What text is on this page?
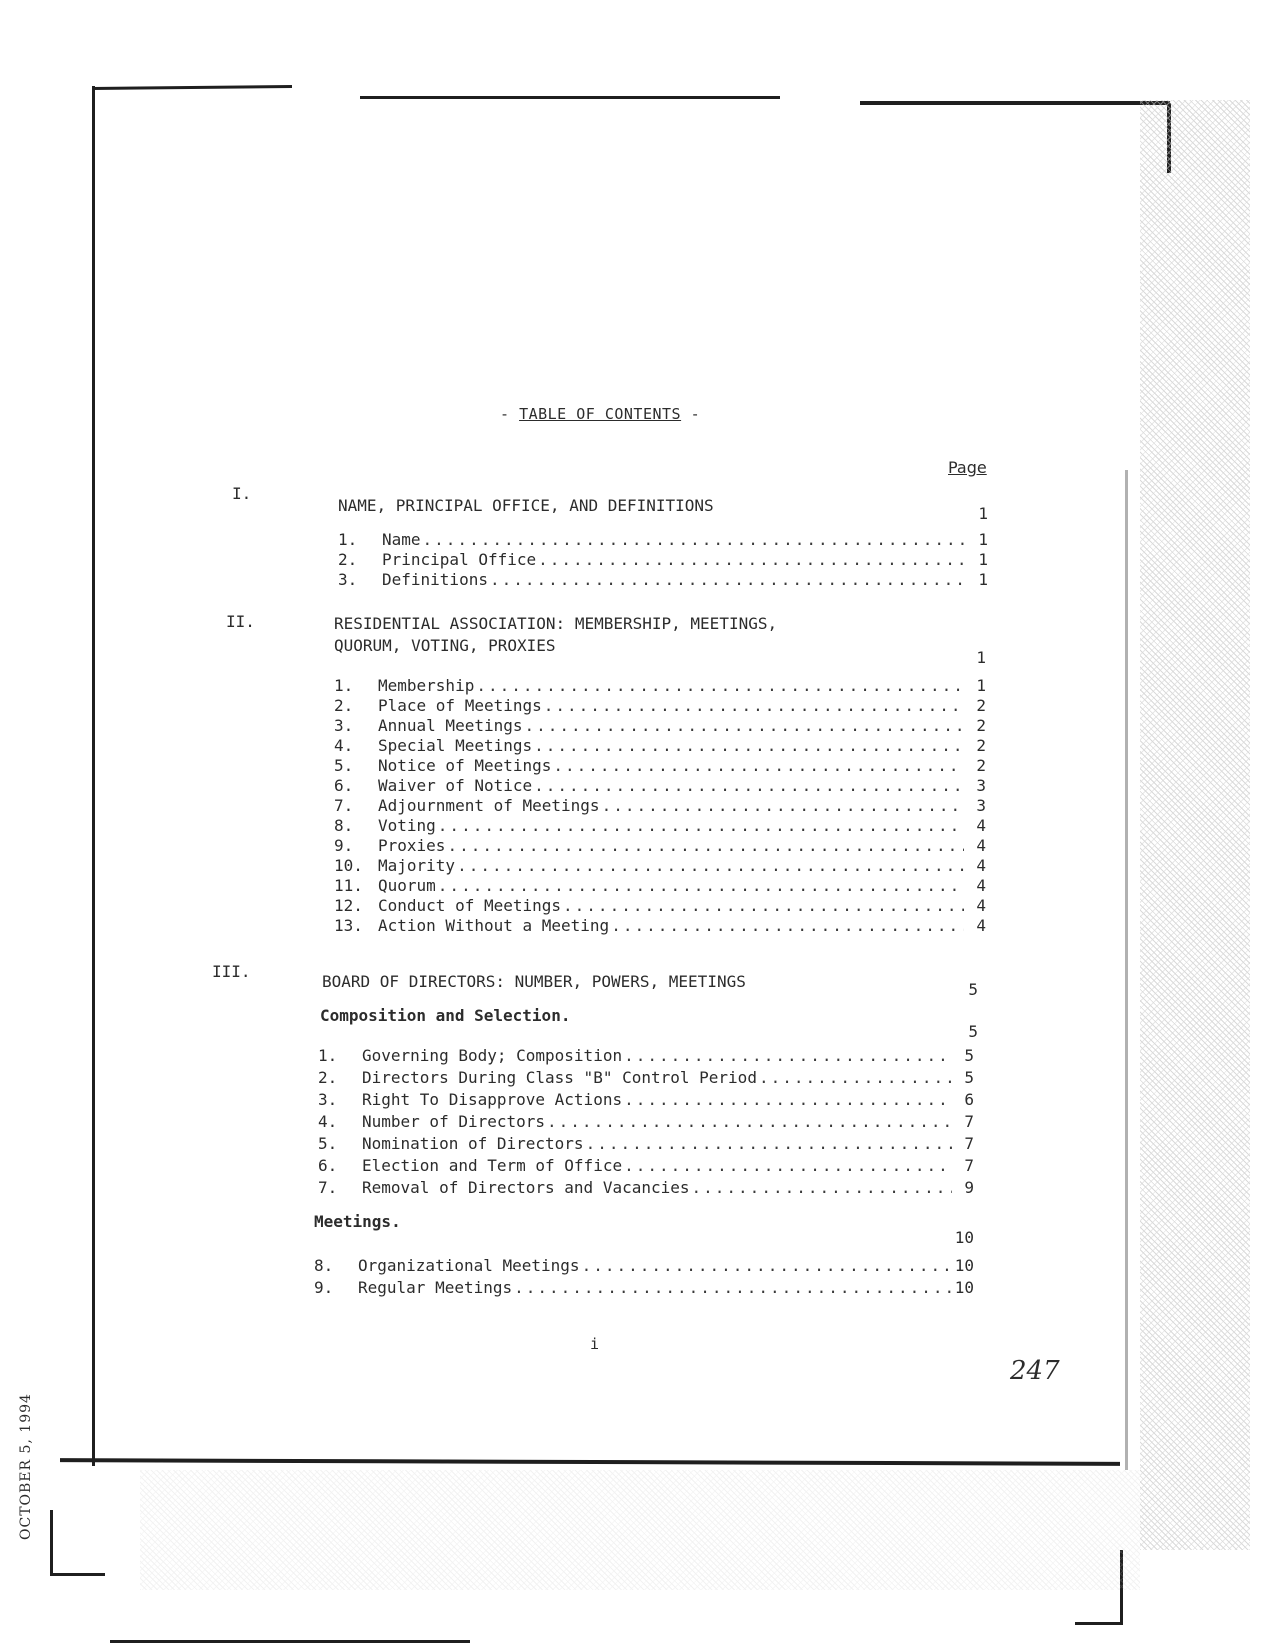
- TABLE OF CONTENTS -
Page
I.
NAME, PRINCIPAL OFFICE, AND DEFINITIONS	1
1.	Name .....	1
2.	Principal Office .....	1
3.	Definitions .....	1
II.	RESIDENTIAL ASSOCIATION: MEMBERSHIP, MEETINGS,
QUORUM, VOTING, PROXIES
1
1.	Membership .....	1
2.	Place of Meetings .....	2
3.	Annual Meetings .....	2
4.	Special Meetings .....	2
5.	Notice of Meetings .....	2
6.	Waiver of Notice .....	3
7.	Adjournment of Meetings .....	3
8.	Voting .....	4
9.	Proxies .....	4
10. Majority .....	4
11. Quorum .....	4
12. Conduct of Meetings .....	4
13. Action Without a Meeting .....	4
III.
BOARD OF DIRECTORS: NUMBER, POWERS, MEETINGS	5
Composition and Selection.
5
1.	Governing Body; Composition .....	5
2.	Directors During Class "B" Control Period .....	5
3.	Right To Disapprove Actions .....	6
4.	Number of Directors .....	7
5.	Nomination of Directors .....	7
6.	Election and Term of Office .....	7
7.	Removal of Directors and Vacancies .....	9
Meetings.
10
8.	Organizational Meetings .....	10
9.	Regular Meetings .....	10
i
247
OCTOBER 5, 1994
